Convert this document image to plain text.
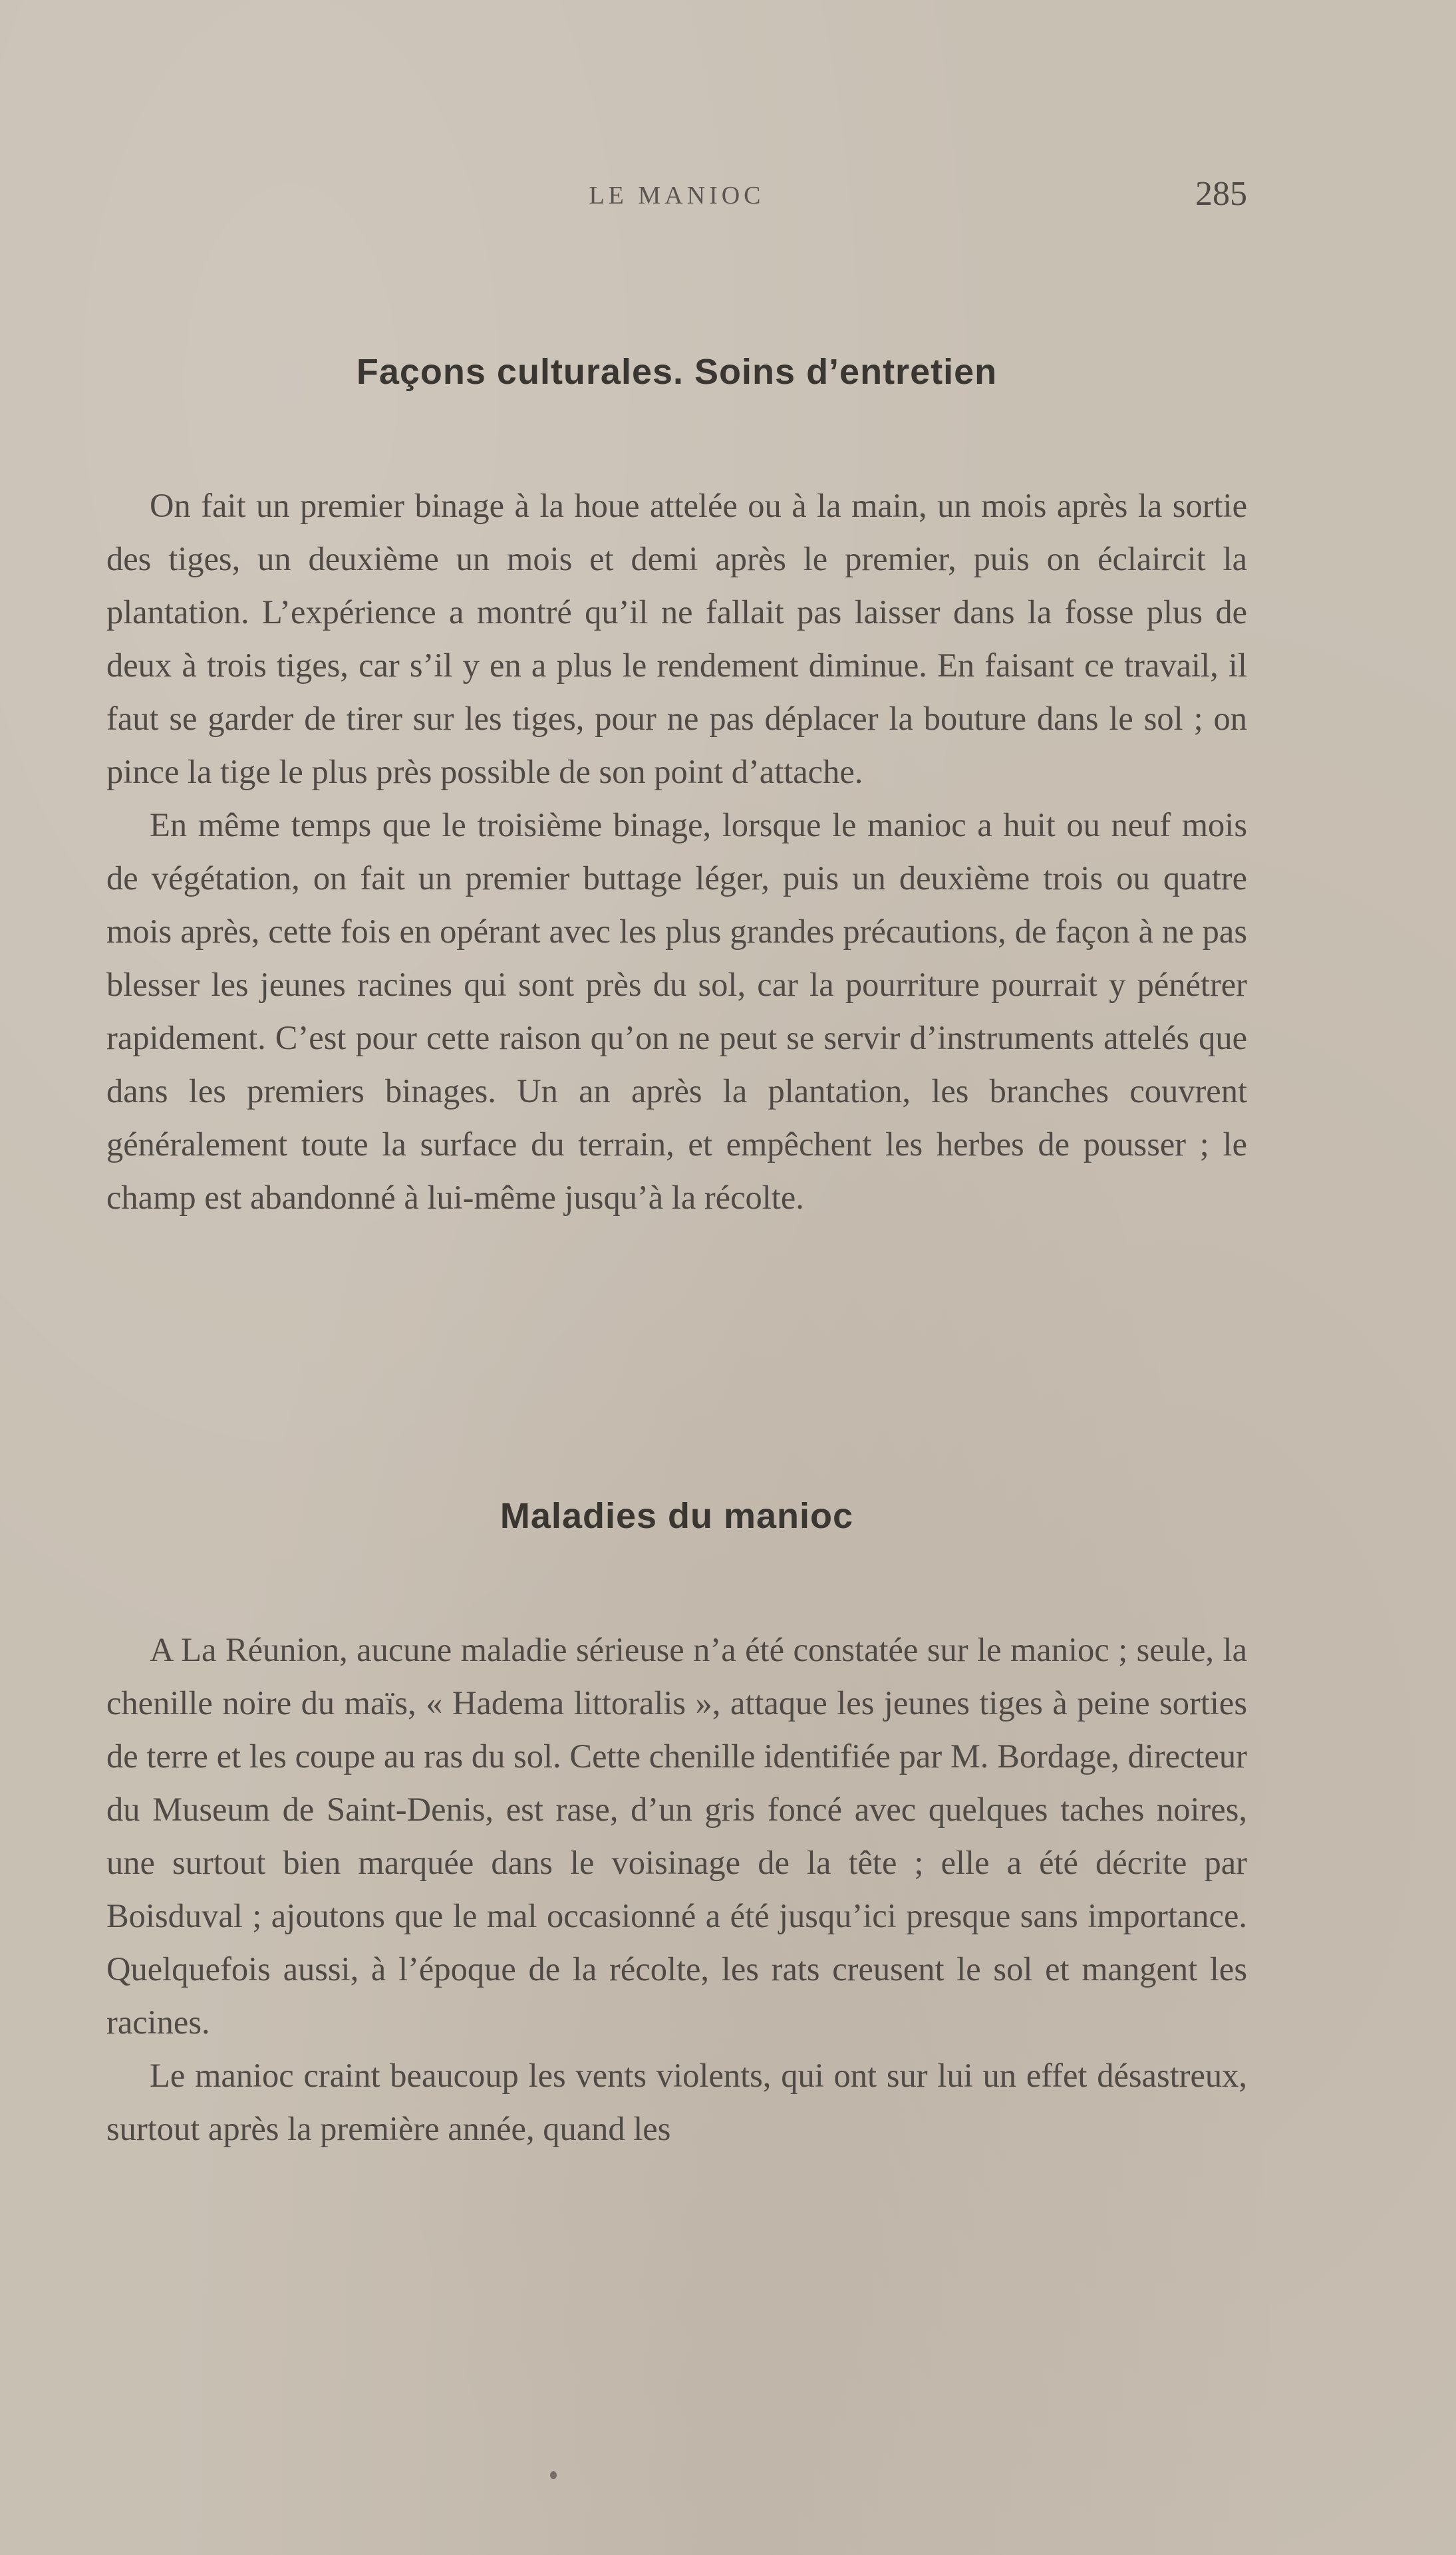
LE MANIOC	285
Façons culturales. Soins d’entretien

On fait un premier binage à la houe attelée ou à la main, un mois après la sortie des tiges, un deuxième un mois et demi après le premier, puis on éclaircit la plantation. L’expérience a montré qu’il ne fallait pas laisser dans la fosse plus de deux à trois tiges, car s’il y en a plus le rendement diminue. En faisant ce travail, il faut se garder de tirer sur les tiges, pour ne pas déplacer la bouture dans le sol ; on pince la tige le plus près possible de son point d’attache.

En même temps que le troisième binage, lorsque le manioc a huit ou neuf mois de végétation, on fait un premier buttage léger, puis un deuxième trois ou quatre mois après, cette fois en opérant avec les plus grandes précautions, de façon à ne pas blesser les jeunes racines qui sont près du sol, car la pourriture pourrait y pénétrer rapidement. C’est pour cette raison qu’on ne peut se servir d’instruments attelés que dans les premiers binages. Un an après la plantation, les branches couvrent généralement toute la surface du terrain, et empêchent les herbes de pousser ; le champ est abandonné à lui-même jusqu’à la récolte.

Maladies du manioc

A La Réunion, aucune maladie sérieuse n’a été constatée sur le manioc ; seule, la chenille noire du maïs, « Hadema littoralis », attaque les jeunes tiges à peine sorties de terre et les coupe au ras du sol. Cette chenille identifiée par M. Bordage, directeur du Museum de Saint-Denis, est rase, d’un gris foncé avec quelques taches noires, une surtout bien marquée dans le voisinage de la tête ; elle a été décrite par Boisduval ; ajoutons que le mal occasionné a été jusqu’ici presque sans importance. Quelquefois aussi, à l’époque de la récolte, les rats creusent le sol et mangent les racines.

Le manioc craint beaucoup les vents violents, qui ont sur lui un effet désastreux, surtout après la première année, quand les
